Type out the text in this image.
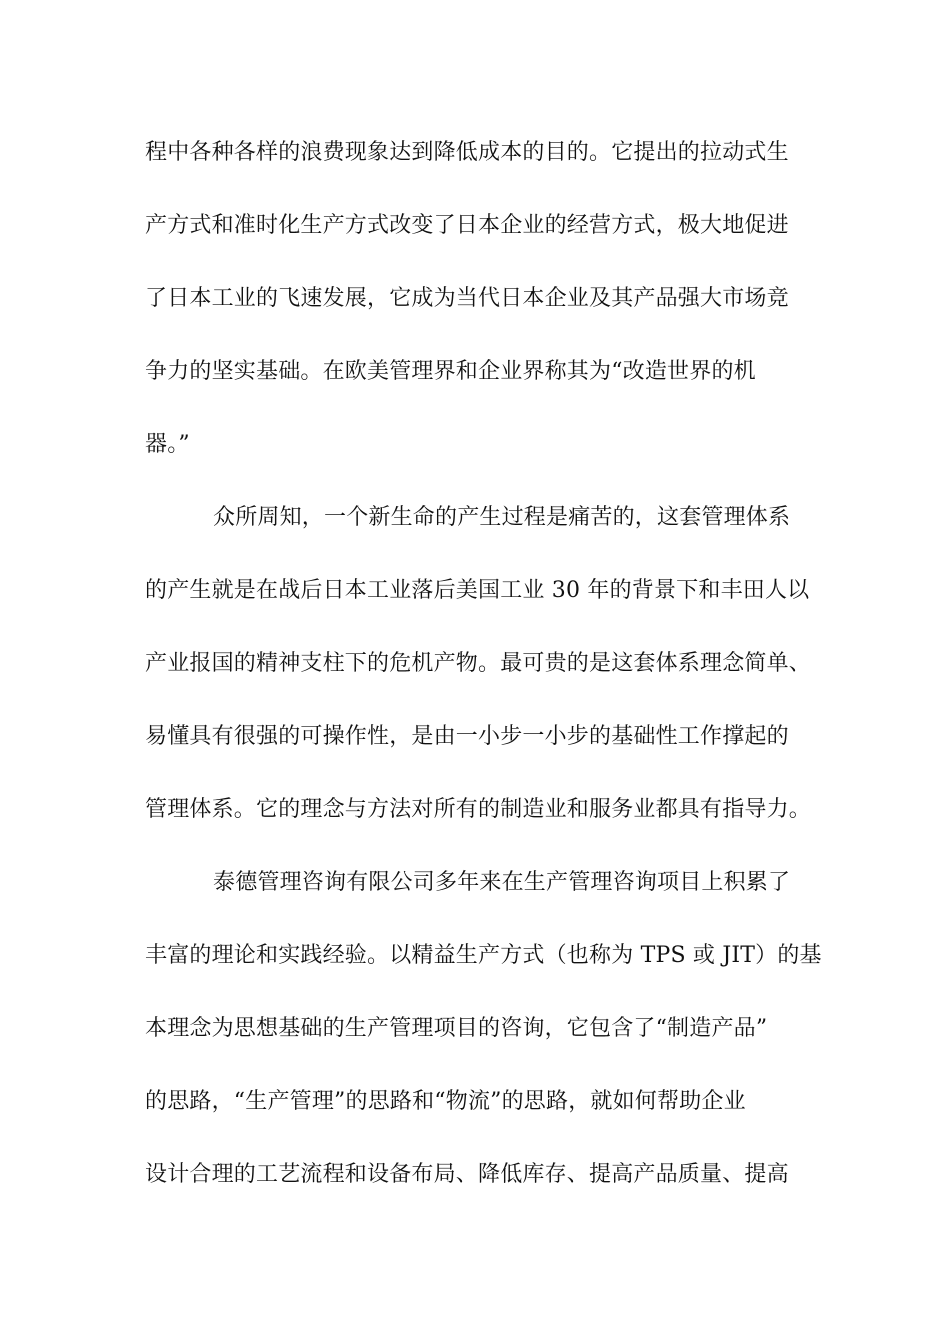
程中各种各样的浪费现象达到降低成本的目的。它提出的拉动式生
产方式和准时化生产方式改变了日本企业的经营方式，极大地促进
了日本工业的飞速发展，它成为当代日本企业及其产品强大市场竞
争力的坚实基础。在欧美管理界和企业界称其为“改造世界的机
器。”
众所周知，一个新生命的产生过程是痛苦的，这套管理体系
的产生就是在战后日本工业落后美国工业 30 年的背景下和丰田人以
产业报国的精神支柱下的危机产物。最可贵的是这套体系理念简单、
易懂具有很强的可操作性，是由一小步一小步的基础性工作撑起的
管理体系。它的理念与方法对所有的制造业和服务业都具有指导力。
泰德管理咨询有限公司多年来在生产管理咨询项目上积累了
丰富的理论和实践经验。以精益生产方式（也称为 TPS 或 JIT）的基
本理念为思想基础的生产管理项目的咨询，它包含了“制造产品”
的思路，“生产管理”的思路和“物流”的思路，就如何帮助企业
设计合理的工艺流程和设备布局、降低库存、提高产品质量、提高
